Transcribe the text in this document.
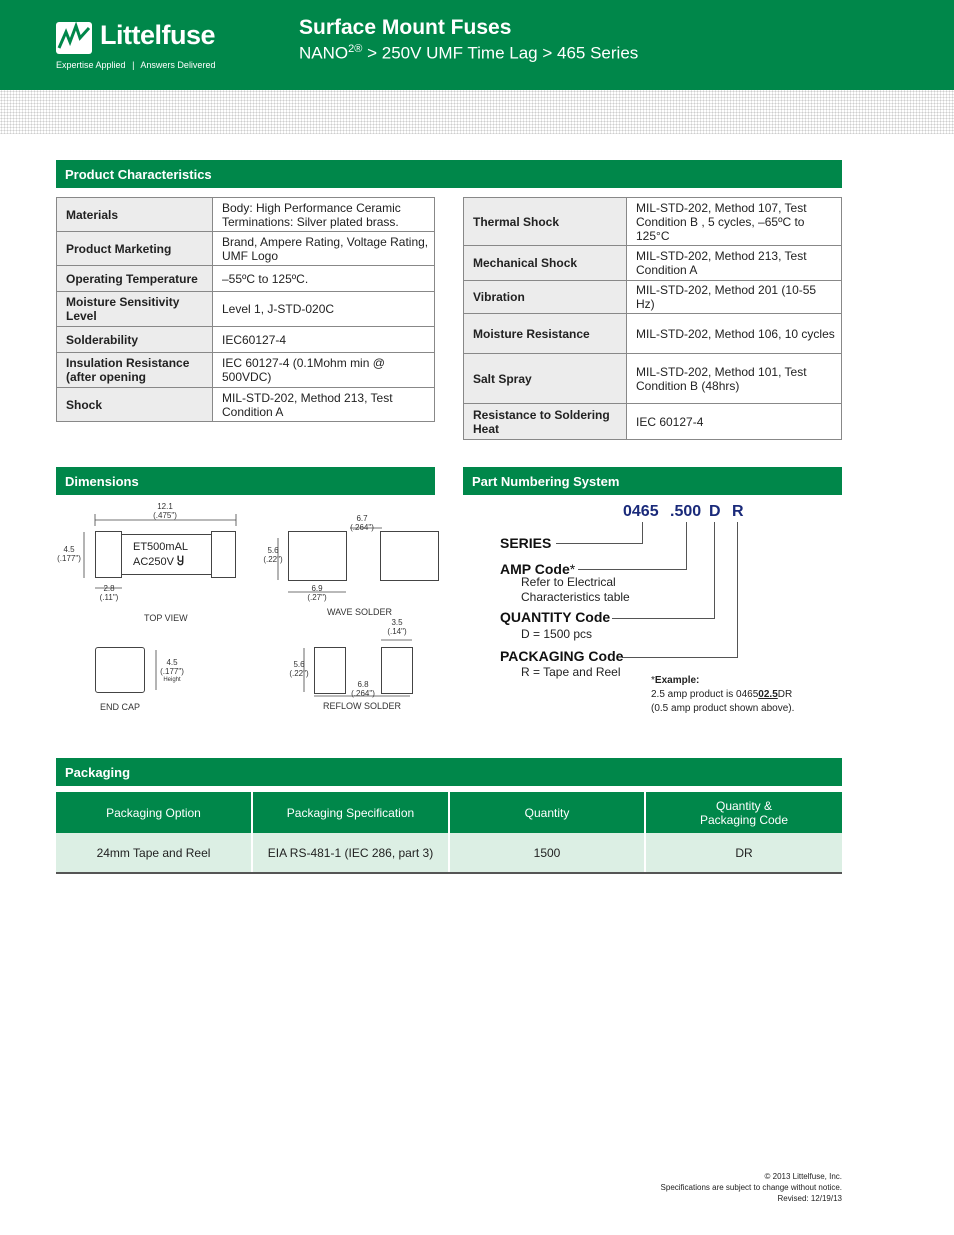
Littelfuse
Expertise Applied | Answers Delivered
Surface Mount Fuses
$NANO^{2®} > 250V$ UMF Time Lag > 465 Series
Product Characteristics
Materials	Body: High Performance Ceramic Terminations: Silver plated brass.
Product Marketing	Brand, Ampere Rating, Voltage Rating, UMF Logo
Operating Temperature	–55ºC to 125ºC.
Moisture Sensitivity Level	Level 1, J-STD-020C
Solderability	IEC60127-4
Insulation Resistance (after opening	IEC 60127-4 (0.1Mohm min @ 500VDC)
Shock	MIL-STD-202, Method 213, Test Condition A
Thermal Shock	MIL-STD-202, Method 107, Test Condition B , 5 cycles, –65ºC to 125°C
Mechanical Shock	MIL-STD-202, Method 213, Test Condition A
Vibration	MIL-STD-202, Method 201 (10-55 Hz)
Moisture Resistance	MIL-STD-202, Method 106, 10 cycles
Salt Spray	MIL-STD-202, Method 101, Test Condition B (48hrs)
Resistance to Soldering Heat	IEC 60127-4
Dimensions
ET500mAL
AC250V Ⴘ
12.1
(.475")
4.5
(.177")
2.8
(.11")
TOP VIEW
4.5
(.177")
Height
END CAP
6.7
(.264")
5.6
(.22")
6.9
(.27")
WAVE SOLDER
3.5
(.14")
5.6
(.22")
6.8
(.264")
REFLOW SOLDER
Part Numbering System
0465 .500 D R
SERIES
AMP Code*
Refer to Electrical
Characteristics table
QUANTITY Code
D = 1500 pcs
PACKAGING Code
R = Tape and Reel
*Example:
2.5 amp product is 046502.5DR
(0.5 amp product shown above).
Packaging
Packaging Option	Packaging Specification	Quantity	Quantity & Packaging Code
24mm Tape and Reel	EIA RS-481-1 (IEC 286, part 3)	1500	DR
© 2013 Littelfuse, Inc.
Specifications are subject to change without notice.
Revised: 12/19/13
